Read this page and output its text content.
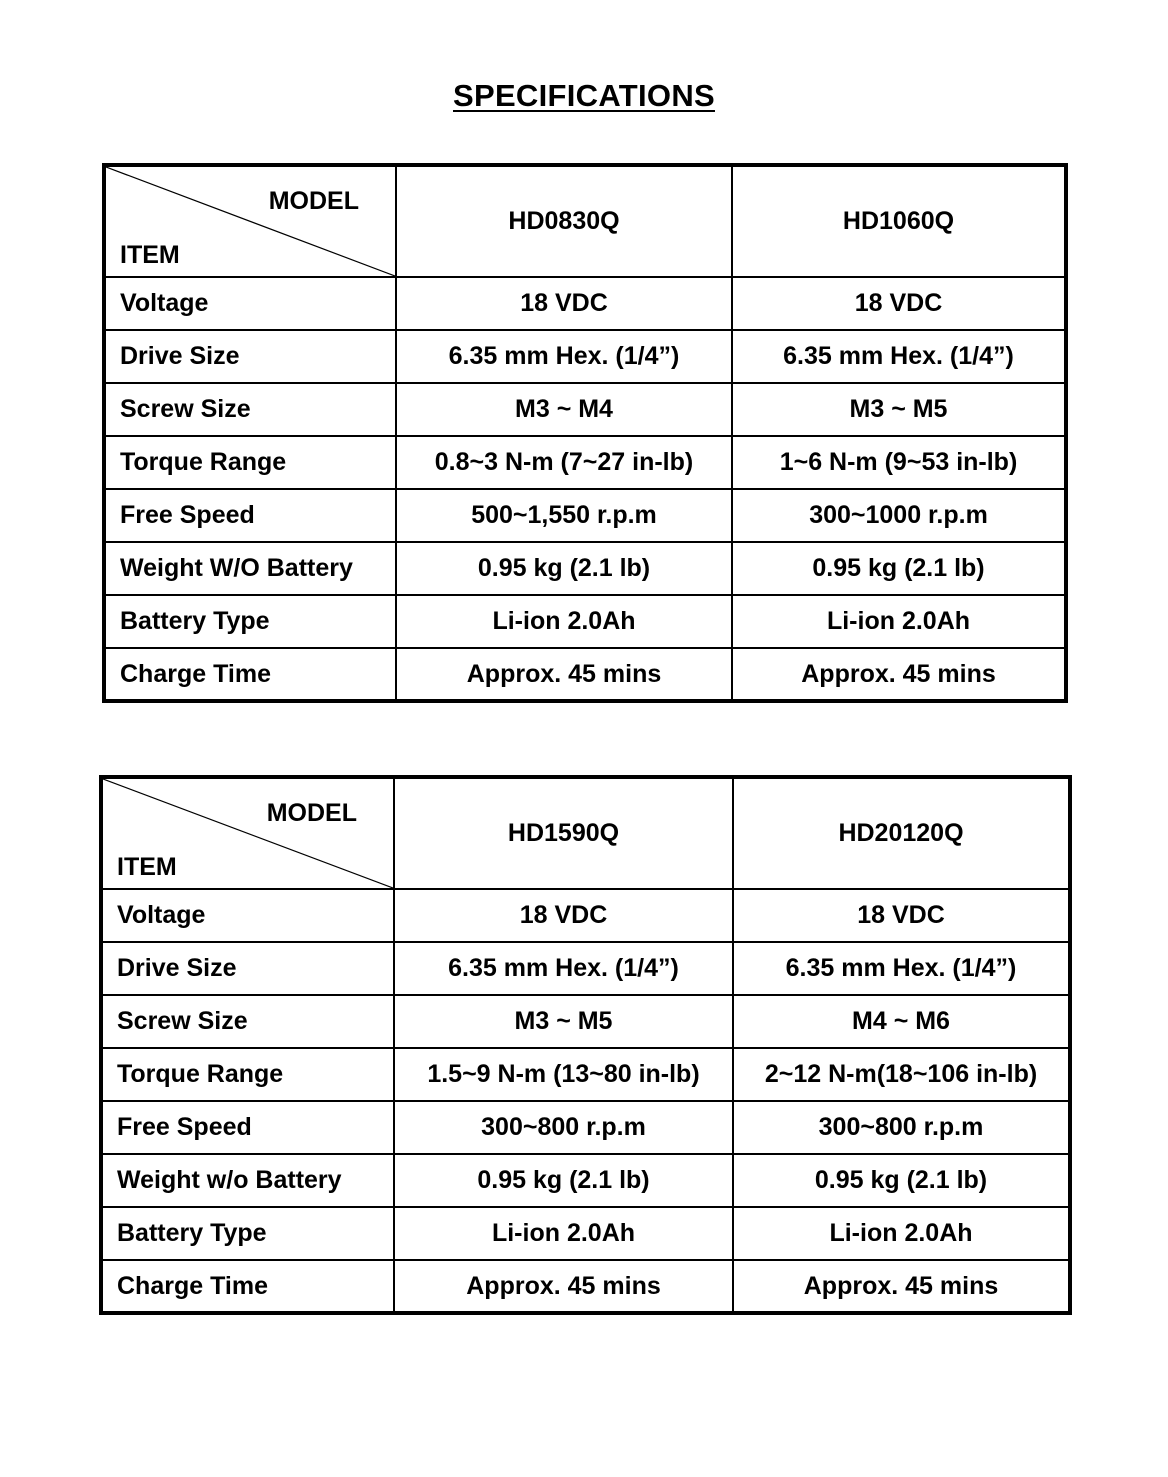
SPECIFICATIONS
MODEL
ITEM	HD0830Q	HD1060Q
Voltage	18 VDC	18 VDC
Drive Size	6.35 mm Hex. (1/4”)	6.35 mm Hex. (1/4”)
Screw Size	M3 ~ M4	M3 ~ M5
Torque Range	0.8~3 N-m (7~27 in-lb)	1~6 N-m (9~53 in-lb)
Free Speed	500~1,550 r.p.m	300~1000 r.p.m
Weight W/O Battery	0.95 kg (2.1 lb)	0.95 kg (2.1 lb)
Battery Type	Li-ion 2.0Ah	Li-ion 2.0Ah
Charge Time	Approx. 45 mins	Approx. 45 mins
MODEL
ITEM	HD1590Q	HD20120Q
Voltage	18 VDC	18 VDC
Drive Size	6.35 mm Hex. (1/4”)	6.35 mm Hex. (1/4”)
Screw Size	M3 ~ M5	M4 ~ M6
Torque Range	1.5~9 N-m (13~80 in-lb)	2~12 N-m(18~106 in-lb)
Free Speed	300~800 r.p.m	300~800 r.p.m
Weight w/o Battery	0.95 kg (2.1 lb)	0.95 kg (2.1 lb)
Battery Type	Li-ion 2.0Ah	Li-ion 2.0Ah
Charge Time	Approx. 45 mins	Approx. 45 mins
